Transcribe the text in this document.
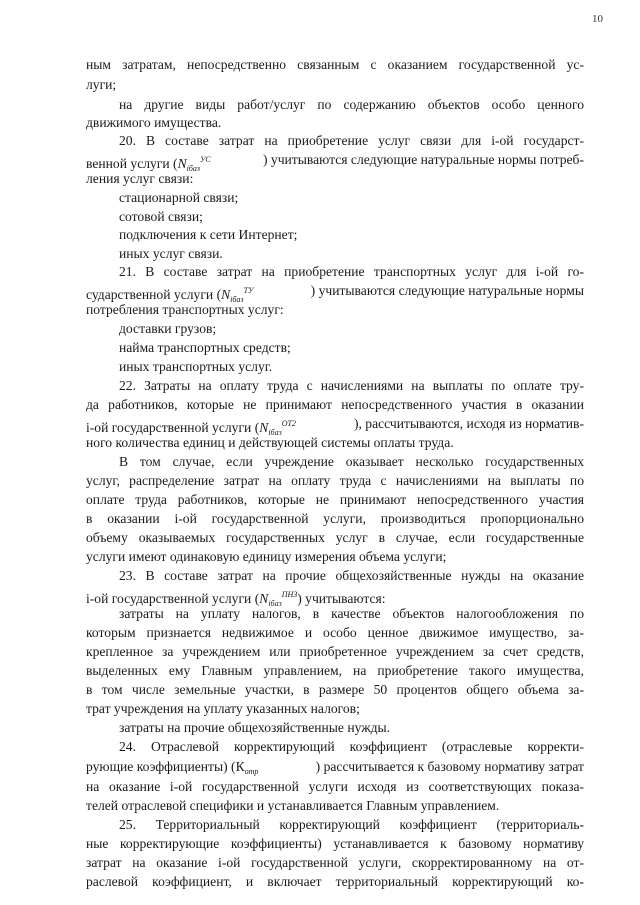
10
ным затратам, непосредственно связанным с оказанием государственной ус-
луги;
на другие виды работ/услуг по содержанию объектов особо ценного
движимого имущества.
20. В составе затрат на приобретение услуг связи для i-ой государст-
венной услуги ($N_{iбаз}^{УС}$	) учитываются следующие натуральные нормы потреб-
ления услуг связи:
стационарной связи;
сотовой связи;
подключения к сети Интернет;
иных услуг связи.
21. В составе затрат на приобретение транспортных услуг для i-ой го-
сударственной услуги ($N_{iбаз}^{ТУ}$	) учитываются следующие натуральные нормы
потребления транспортных услуг:
доставки грузов;
найма транспортных средств;
иных транспортных услуг.
22. Затраты на оплату труда с начислениями на выплаты по оплате тру-
да работников, которые не принимают непосредственного участия в оказании
i-ой государственной услуги ($N_{iбаз}^{ОТ2}$	), рассчитываются, исходя из норматив-
ного количества единиц и действующей системы оплаты труда.
В том случае, если учреждение оказывает несколько государственных
услуг, распределение затрат на оплату труда с начислениями на выплаты по
оплате труда работников, которые не принимают непосредственного участия
в оказании i-ой государственной услуги, производиться пропорционально
объему оказываемых государственных услуг в случае, если государственные
услуги имеют одинаковую единицу измерения объема услуги;
23. В составе затрат на прочие общехозяйственные нужды на оказание
i-ой государственной услуги $(N_{iбаз}^{ПНЗ})$ учитываются:
затраты на уплату налогов, в качестве объектов налогообложения по
которым признается недвижимое и особо ценное движимое имущество, за-
крепленное за учреждением или приобретенное учреждением за счет средств,
выделенных ему Главным управлением, на приобретение такого имущества,
в том числе земельные участки, в размере 50 процентов общего объема за-
трат учреждения на уплату указанных налогов;
затраты на прочие общехозяйственные нужды.
24. Отраслевой корректирующий коэффициент (отраслевые корректи-
рующие коэффициенты) ($К_{отр}$	) рассчитывается к базовому нормативу затрат
на оказание i-ой государственной услуги исходя из соответствующих показа-
телей отраслевой специфики и устанавливается Главным управлением.
25. Территориальный корректирующий коэффициент (территориаль-
ные корректирующие коэффициенты) устанавливается к базовому нормативу
затрат на оказание i-ой государственной услуги, скорректированному на от-
раслевой коэффициент, и включает территориальный корректирующий ко-
